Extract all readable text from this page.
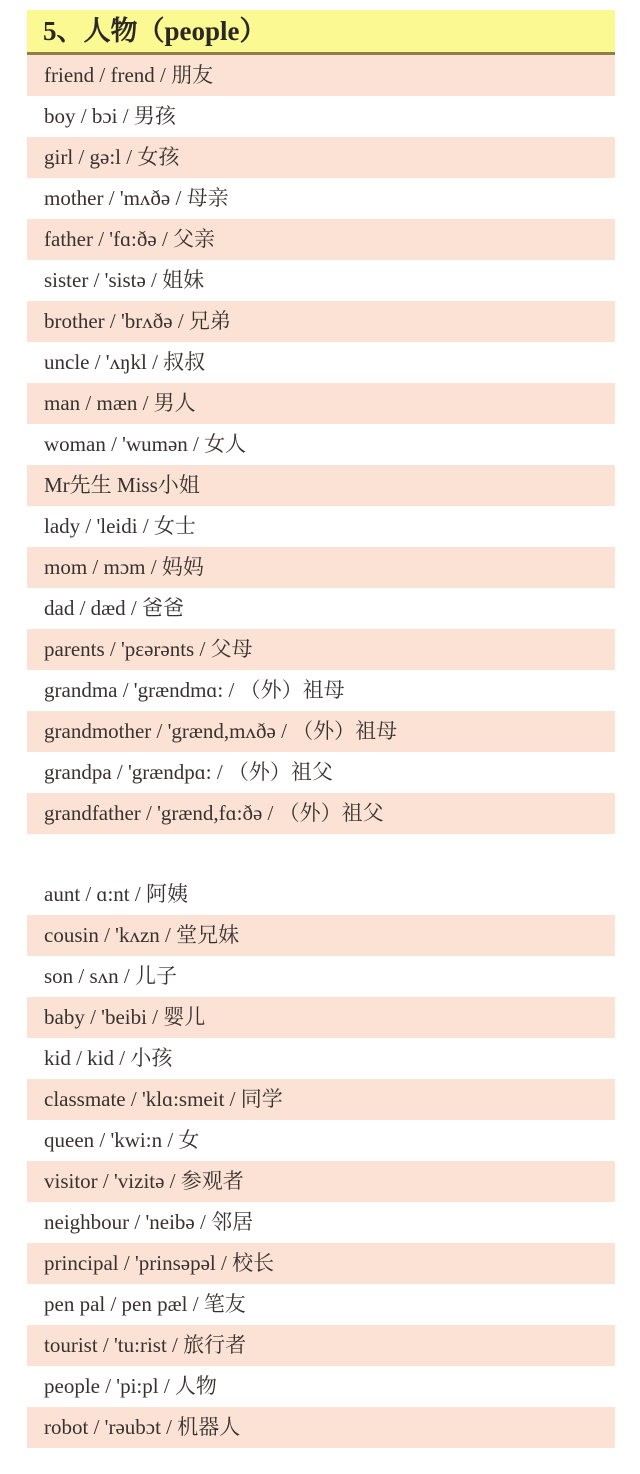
5、人物（people）
friend / frend / 朋友
boy / bɔi / 男孩
girl / gə:l / 女孩
mother / 'mʌðə / 母亲
father / 'fɑ:ðə / 父亲
sister / 'sistə / 姐妹
brother / 'brʌðə / 兄弟
uncle / 'ʌŋkl / 叔叔
man / mæn / 男人
woman / 'wumən / 女人
Mr先生 Miss小姐
lady / 'leidi / 女士
mom / mɔm / 妈妈
dad / dæd / 爸爸
parents / 'pɛərənts / 父母
grandma / 'grændmɑ: / （外）祖母
grandmother / 'grænd,mʌðə / （外）祖母
grandpa / 'grændpɑ: / （外）祖父
grandfather / 'grænd,fɑ:ðə / （外）祖父
aunt / ɑ:nt / 阿姨
cousin / 'kʌzn / 堂兄妹
son / sʌn / 儿子
baby / 'beibi / 婴儿
kid / kid / 小孩
classmate / 'klɑ:smeit / 同学
queen / 'kwi:n / 女
visitor / 'vizitə / 参观者
neighbour / 'neibə / 邻居
principal / 'prinsəpəl / 校长
pen pal / pen pæl / 笔友
tourist / 'tu:rist / 旅行者
people / 'pi:pl / 人物
robot / 'rəubɔt / 机器人
